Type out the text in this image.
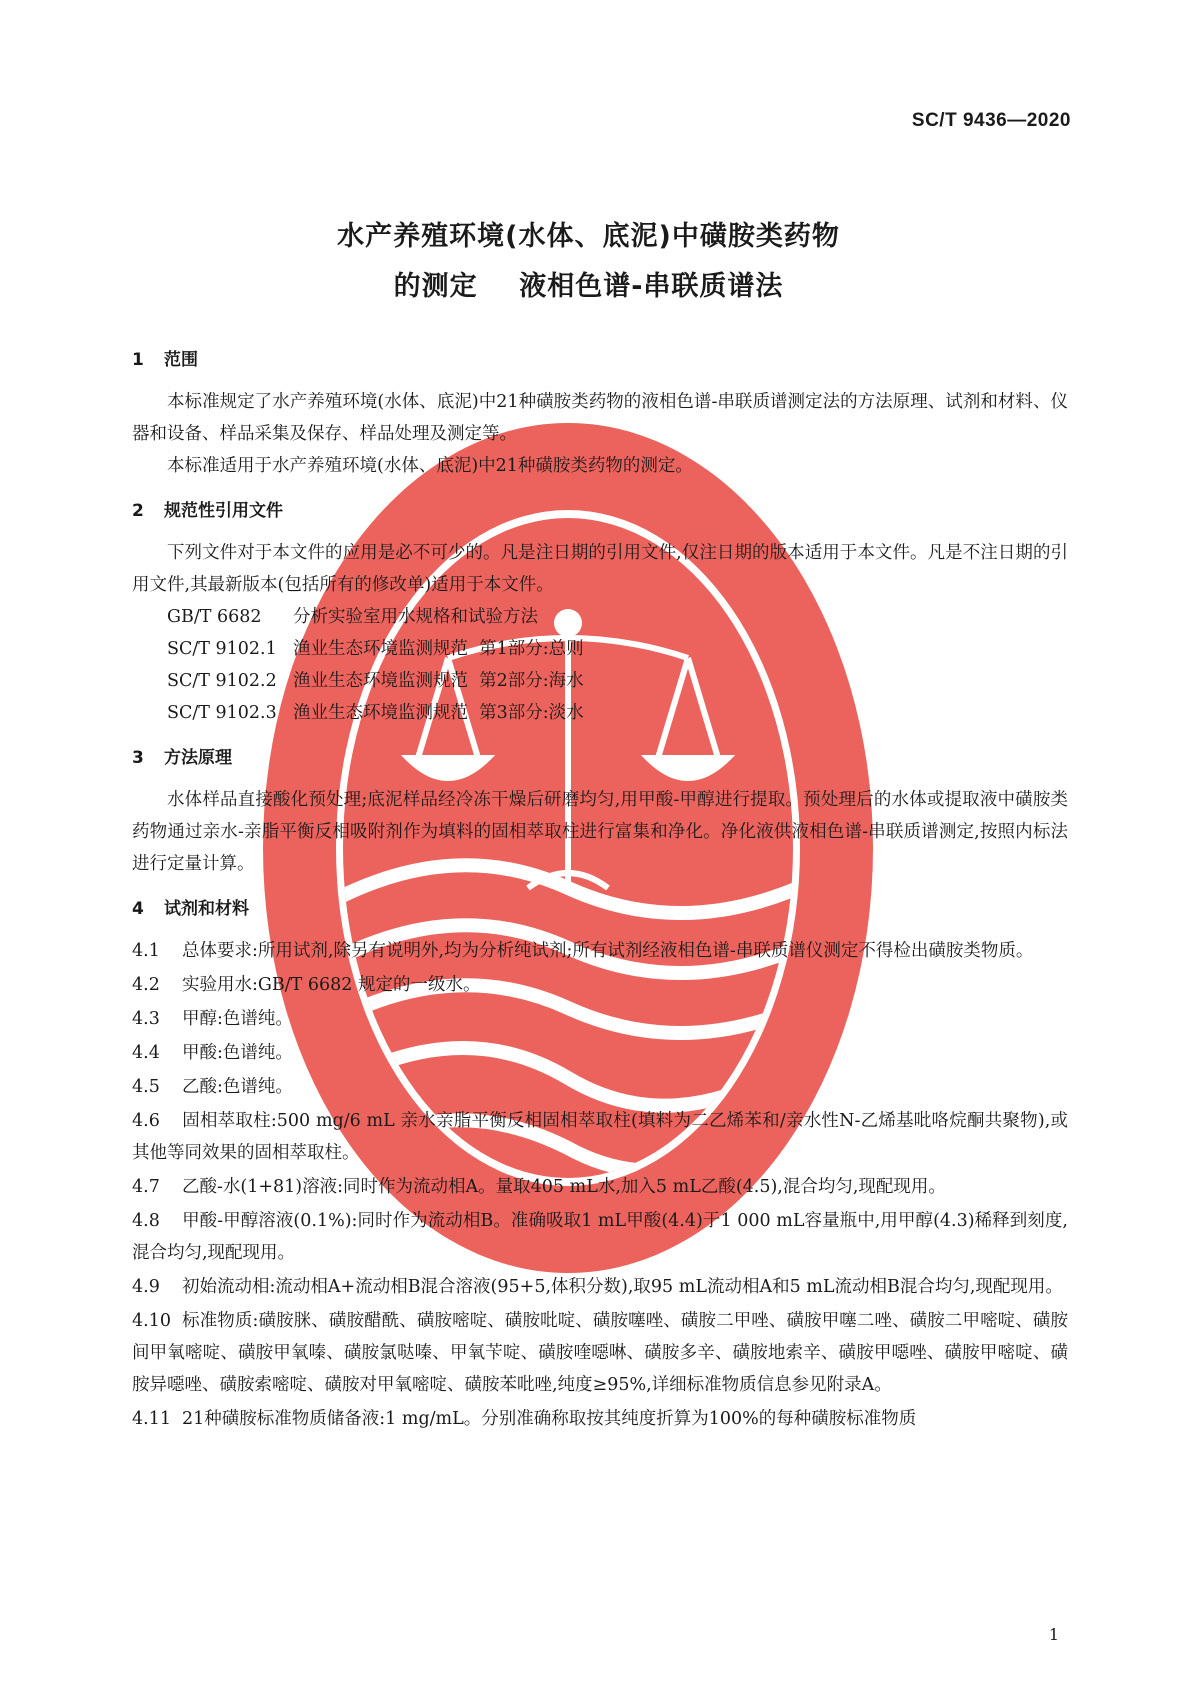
SC/T 9436—2020
水产养殖环境(水体、底泥)中磺胺类药物
的测定    液相色谱-串联质谱法
1 范围

本标准规定了水产养殖环境(水体、底泥)中21种磺胺类药物的液相色谱-串联质谱测定法的方法原理、试剂和材料、仪器和设备、样品采集及保存、样品处理及测定等。

本标准适用于水产养殖环境(水体、底泥)中21种磺胺类药物的测定。

2 规范性引用文件

下列文件对于本文件的应用是必不可少的。凡是注日期的引用文件,仅注日期的版本适用于本文件。凡是不注日期的引用文件,其最新版本(包括所有的修改单)适用于本文件。

GB/T 6682 分析实验室用水规格和试验方法
SC/T 9102.1 渔业生态环境监测规范  第1部分:总则
SC/T 9102.2 渔业生态环境监测规范  第2部分:海水
SC/T 9102.3 渔业生态环境监测规范  第3部分:淡水
3 方法原理

水体样品直接酸化预处理;底泥样品经冷冻干燥后研磨均匀,用甲酸-甲醇进行提取。预处理后的水体或提取液中磺胺类药物通过亲水-亲脂平衡反相吸附剂作为填料的固相萃取柱进行富集和净化。净化液供液相色谱-串联质谱测定,按照内标法进行定量计算。

4 试剂和材料
4.1 总体要求:所用试剂,除另有说明外,均为分析纯试剂;所有试剂经液相色谱-串联质谱仪测定不得检出磺胺类物质。
4.2 实验用水:GB/T 6682 规定的一级水。
4.3 甲醇:色谱纯。
4.4 甲酸:色谱纯。
4.5 乙酸:色谱纯。
4.6 固相萃取柱:500 mg/6 mL 亲水亲脂平衡反相固相萃取柱(填料为二乙烯苯和/亲水性N-乙烯基吡咯烷酮共聚物),或其他等同效果的固相萃取柱。
4.7 乙酸-水(1+81)溶液:同时作为流动相A。量取405 mL水,加入5 mL乙酸(4.5),混合均匀,现配现用。
4.8 甲酸-甲醇溶液(0.1%):同时作为流动相B。准确吸取1 mL甲酸(4.4)于1 000 mL容量瓶中,用甲醇(4.3)稀释到刻度,混合均匀,现配现用。
4.9 初始流动相:流动相A+流动相B混合溶液(95+5,体积分数),取95 mL流动相A和5 mL流动相B混合均匀,现配现用。
4.10 标准物质:磺胺脒、磺胺醋酰、磺胺嘧啶、磺胺吡啶、磺胺噻唑、磺胺二甲唑、磺胺甲噻二唑、磺胺二甲嘧啶、磺胺间甲氧嘧啶、磺胺甲氧嗪、磺胺氯哒嗪、甲氧苄啶、磺胺喹噁啉、磺胺多辛、磺胺地索辛、磺胺甲噁唑、磺胺甲嘧啶、磺胺异噁唑、磺胺索嘧啶、磺胺对甲氧嘧啶、磺胺苯吡唑,纯度≥95%,详细标准物质信息参见附录A。
4.11 21种磺胺标准物质储备液:1 mg/mL。分别准确称取按其纯度折算为100%的每种磺胺标准物质
1
